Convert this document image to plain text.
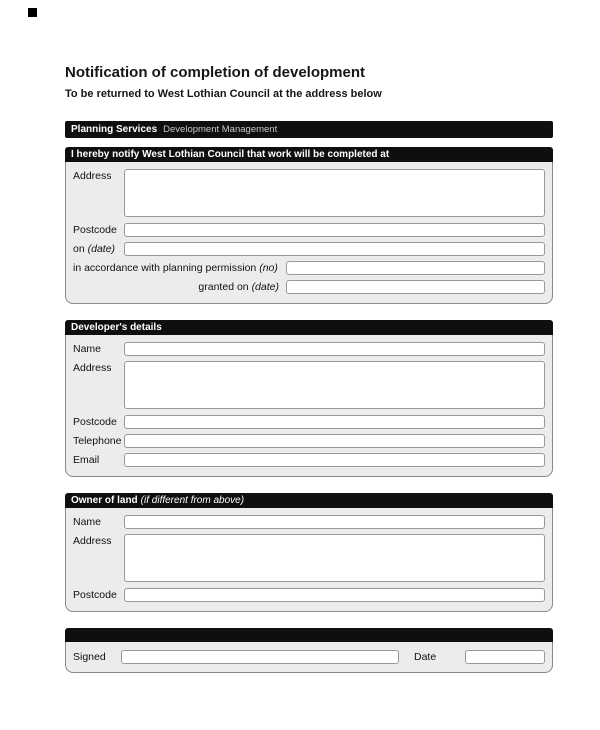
Notification of completion of development
To be returned to West Lothian Council at the address below
Planning Services Development Management
I hereby notify West Lothian Council that work will be completed at
Address
Postcode
on (date)
in accordance with planning permission (no)
granted on (date)
Developer's details
Name
Address
Postcode
Telephone
Email
Owner of land (if different from above)
Name
Address
Postcode
Signed	Date
